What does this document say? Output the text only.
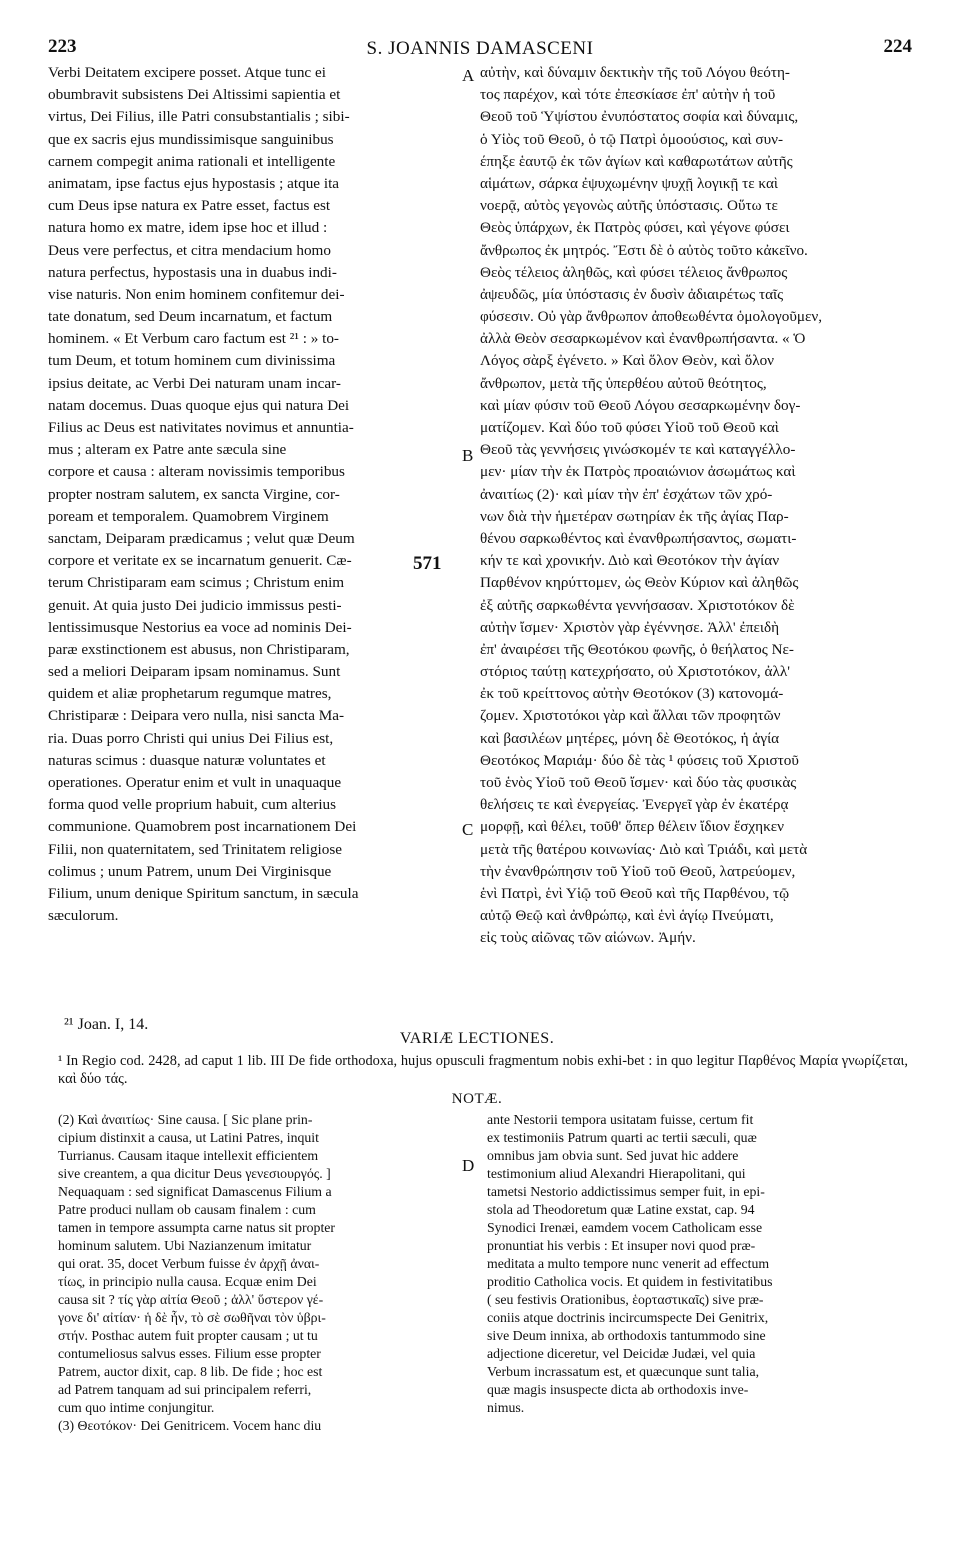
223	S. JOANNIS DAMASCENI	224
Verbi Deitatem excipere posset. Atque tunc ei
obumbravit subsistens Dei Altissimi sapientia et
virtus, Dei Filius, ille Patri consubstantialis ; sibi-
que ex sacris ejus mundissimisque sanguinibus
carnem compegit anima rationali et intelligente
animatam, ipse factus ejus hypostasis ; atque ita
cum Deus ipse natura ex Patre esset, factus est
natura homo ex matre, idem ipse hoc et illud :
Deus vere perfectus, et citra mendacium homo
natura perfectus, hypostasis una in duabus indi-
vise naturis. Non enim hominem confitemur dei-
tate donatum, sed Deum incarnatum, et factum
hominem. « Et Verbum caro factum est ²¹ : » to-
tum Deum, et totum hominem cum divinissima
ipsius deitate, ac Verbi Dei naturam unam incar-
natam docemus. Duas quoque ejus qui natura Dei
Filius ac Deus est nativitates novimus et annuntia-
mus ; alteram ex Patre ante sæcula sine
corpore et causa : alteram novissimis temporibus
propter nostram salutem, ex sancta Virgine, cor-
poream et temporalem. Quamobrem Virginem
sanctam, Deiparam prædicamus ; velut quæ Deum
corpore et veritate ex se incarnatum genuerit. Cæ-
terum Christiparam eam scimus ; Christum enim
genuit. At quia justo Dei judicio immissus pesti-
lentissimusque Nestorius ea voce ad nominis Dei-
paræ exstinctionem est abusus, non Christiparam,
sed a meliori Deiparam ipsam nominamus. Sunt
quidem et aliæ prophetarum regumque matres,
Christiparæ : Deipara vero nulla, nisi sancta Ma-
ria. Duas porro Christi qui unius Dei Filius est,
naturas scimus : duasque naturæ voluntates et
operationes. Operatur enim et vult in unaquaque
forma quod velle proprium habuit, cum alterius
communione. Quamobrem post incarnationem Dei
Filii, non quaternitatem, sed Trinitatem religiose
colimus ; unum Patrem, unum Dei Virginisque
Filium, unum denique Spiritum sanctum, in sæcula
sæculorum.
αὐτὴν, καὶ δύναμιν δεκτικὴν τῆς τοῦ Λόγου θεότη-
τος παρέχον, καὶ τότε ἐπεσκίασε ἐπ' αὐτὴν ἡ τοῦ
Θεοῦ τοῦ Ὑψίστου ἐνυπόστατος σοφία καὶ δύναμις,
ὁ Υἱὸς τοῦ Θεοῦ, ὁ τῷ Πατρὶ ὁμοούσιος, καὶ συν-
έπηξε ἑαυτῷ ἐκ τῶν ἁγίων καὶ καθαρωτάτων αὐτῆς
αἱμάτων, σάρκα ἐψυχωμένην ψυχῇ λογικῇ τε καὶ
νοερᾷ, αὐτὸς γεγονὼς αὐτῆς ὑπόστασις. Οὕτω τε
Θεὸς ὑπάρχων, ἐκ Πατρὸς φύσει, καὶ γέγονε φύσει
ἄνθρωπος ἐκ μητρός. Ἔστι δὲ ὁ αὐτὸς τοῦτο κἀκεῖνο.
Θεὸς τέλειος ἀληθῶς, καὶ φύσει τέλειος ἄνθρωπος
ἀψευδῶς, μία ὑπόστασις ἐν δυσὶν ἀδιαιρέτως ταῖς
φύσεσιν. Οὐ γὰρ ἄνθρωπον ἀποθεωθέντα ὁμολογοῦμεν,
ἀλλὰ Θεὸν σεσαρκωμένον καὶ ἐνανθρωπήσαντα. « Ὁ
Λόγος σὰρξ ἐγένετο. » Καὶ ὅλον Θεὸν, καὶ ὅλον
ἄνθρωπον, μετὰ τῆς ὑπερθέου αὐτοῦ θεότητος,
καὶ μίαν φύσιν τοῦ Θεοῦ Λόγου σεσαρκωμένην δογ-
ματίζομεν. Καὶ δύο τοῦ φύσει Υἱοῦ τοῦ Θεοῦ καὶ
Θεοῦ τὰς γεννήσεις γινώσκομέν τε καὶ καταγγέλλο-
μεν· μίαν τὴν ἐκ Πατρὸς προαιώνιον ἀσωμάτως καὶ
ἀναιτίως (2)· καὶ μίαν τὴν ἐπ' ἐσχάτων τῶν χρό-
νων διὰ τὴν ἡμετέραν σωτηρίαν ἐκ τῆς ἁγίας Παρ-
θένου σαρκωθέντος καὶ ἐνανθρωπήσαντος, σωματι-
κήν τε καὶ χρονικήν. Διὸ καὶ Θεοτόκον τὴν ἁγίαν
Παρθένον κηρύττομεν, ὡς Θεὸν Κύριον καὶ ἀληθῶς
ἐξ αὐτῆς σαρκωθέντα γεννήσασαν. Χριστοτόκον δὲ
αὐτὴν ἴσμεν· Χριστὸν γὰρ ἐγέννησε. Ἀλλ' ἐπειδὴ
ἐπ' ἀναιρέσει τῆς Θεοτόκου φωνῆς, ὁ θεήλατος Νε-
στόριος ταύτῃ κατεχρήσατο, οὐ Χριστοτόκον, ἀλλ'
ἐκ τοῦ κρείττονος αὐτὴν Θεοτόκον (3) κατονομά-
ζομεν. Χριστοτόκοι γὰρ καὶ ἄλλαι τῶν προφητῶν
καὶ βασιλέων μητέρες, μόνη δὲ Θεοτόκος, ἡ ἁγία
Θεοτόκος Μαριάμ· δύο δὲ τὰς ¹ φύσεις τοῦ Χριστοῦ
τοῦ ἑνὸς Υἱοῦ τοῦ Θεοῦ ἴσμεν· καὶ δύο τὰς φυσικὰς
θελήσεις τε καὶ ἐνεργείας. Ἐνεργεῖ γὰρ ἐν ἑκατέρᾳ
μορφῇ, καὶ θέλει, τοῦθ' ὅπερ θέλειν ἴδιον ἔσχηκεν
μετὰ τῆς θατέρου κοινωνίας· Διὸ καὶ Τριάδι, καὶ μετὰ
τὴν ἐνανθρώπησιν τοῦ Υἱοῦ τοῦ Θεοῦ, λατρεύομεν,
ἑνὶ Πατρὶ, ἑνὶ Υἱῷ τοῦ Θεοῦ καὶ τῆς Παρθένου, τῷ
αὐτῷ Θεῷ καὶ ἀνθρώπῳ, καὶ ἑνὶ ἁγίῳ Πνεύματι,
εἰς τοὺς αἰῶνας τῶν αἰώνων. Ἀμήν.
A
B
C
D
571
²¹ Joan. I, 14.
VARIÆ LECTIONES.
¹ In Regio cod. 2428, ad caput 1 lib. III De fide orthodoxa, hujus opusculi fragmentum nobis exhi-bet : in quo legitur Παρθένος Μαρία γνωρίζεται, καὶ δύο τάς.
NOTÆ.
(2) Καὶ ἀναιτίως· Sine causa. [ Sic plane prin-
cipium distinxit a causa, ut Latini Patres, inquit
Turrianus. Causam itaque intellexit efficientem
sive creantem, a qua dicitur Deus γενεσιουργός. ]
Nequaquam : sed significat Damascenus Filium a
Patre produci nullam ob causam finalem : cum
tamen in tempore assumpta carne natus sit propter
hominum salutem. Ubi Nazianzenum imitatur
qui orat. 35, docet Verbum fuisse ἐν ἀρχῇ ἀναι-
τίως, in principio nulla causa. Ecquæ enim Dei
causa sit ? τίς γὰρ αἰτία Θεοῦ ; ἀλλ' ὕστερον γέ-
γονε δι' αἰτίαν· ἡ δὲ ἦν, τὸ σὲ σωθῆναι τὸν ὑβρι-
στήν. Posthac autem fuit propter causam ; ut tu
contumeliosus salvus esses. Filium esse propter
Patrem, auctor dixit, cap. 8 lib. De fide ; hoc est
ad Patrem tanquam ad sui principalem referri,
cum quo intime conjungitur.
(3) Θεοτόκον· Dei Genitricem. Vocem hanc diu
ante Nestorii tempora usitatam fuisse, certum fit
ex testimoniis Patrum quarti ac tertii sæculi, quæ
omnibus jam obvia sunt. Sed juvat hic addere
testimonium aliud Alexandri Hierapolitani, qui
tametsi Nestorio addictissimus semper fuit, in epi-
stola ad Theodoretum quæ Latine exstat, cap. 94
Synodici Irenæi, eamdem vocem Catholicam esse
pronuntiat his verbis : Et insuper novi quod præ-
meditata a multo tempore nunc venerit ad effectum
proditio Catholica vocis. Et quidem in festivitatibus
( seu festivis Orationibus, ἑορταστικαῖς) sive præ-
coniis atque doctrinis incircumspecte Dei Genitrix,
sive Deum innixa, ab orthodoxis tantummodo sine
adjectione diceretur, vel Deicidæ Judæi, vel quia
Verbum incrassatum est, et quæcunque sunt talia,
quæ magis insuspecte dicta ab orthodoxis inve-
nimus.
